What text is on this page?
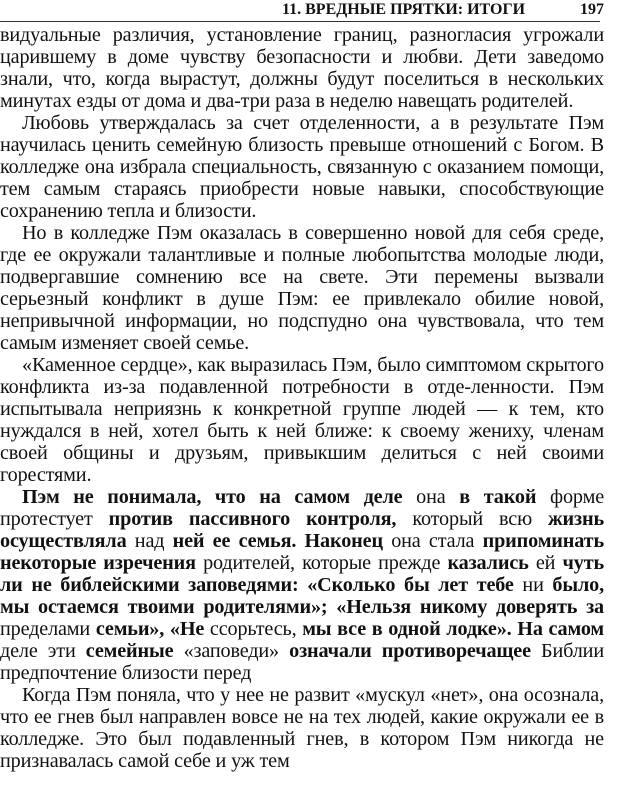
11. ВРЕДНЫЕ ПРЯТКИ: ИТОГИ	197

видуальные различия, установление границ, разногласия угрожали царившему в доме чувству безопасности и любви. Дети заведомо знали, что, когда вырастут, должны будут поселиться в нескольких минутах езды от дома и два-три раза в неделю навещать родителей.

Любовь утверждалась за счет отделенности, а в результате Пэм научилась ценить семейную близость превыше отношений с Богом. В колледже она избрала специальность, связанную с оказанием помощи, тем самым стараясь приобрести новые навыки, способствующие сохранению тепла и близости.

Но в колледже Пэм оказалась в совершенно новой для себя среде, где ее окружали талантливые и полные любопытства молодые люди, подвергавшие сомнению все на свете. Эти перемены вызвали серьезный конфликт в душе Пэм: ее привлекало обилие новой, непривычной информации, но подспудно она чувствовала, что тем самым изменяет своей семье.

«Каменное сердце», как выразилась Пэм, было симптомом скрытого конфликта из-за подавленной потребности в отде-ленности. Пэм испытывала неприязнь к конкретной группе людей — к тем, кто нуждался в ней, хотел быть к ней ближе: к своему жениху, членам своей общины и друзьям, привыкшим делиться с ней своими горестями.

Пэм не понимала, что на самом деле она в такой форме протестует против пассивного контроля, который всю жизнь осуществляла над ней ее семья. Наконец она стала припоминать некоторые изречения родителей, которые прежде казались ей чуть ли не библейскими заповедями: «Сколько бы лет тебе ни было, мы остаемся твоими родителями»; «Нельзя никому доверять за пределами семьи», «Не ссорьтесь, мы все в одной лодке». На самом деле эти семейные «заповеди» означали противоречащее Библии предпочтение близости перед

Когда Пэм поняла, что у нее не развит «мускул «нет», она осознала, что ее гнев был направлен вовсе не на тех людей, какие окружали ее в колледже. Это был подавленный гнев, в котором Пэм никогда не признавалась самой себе и уж тем
